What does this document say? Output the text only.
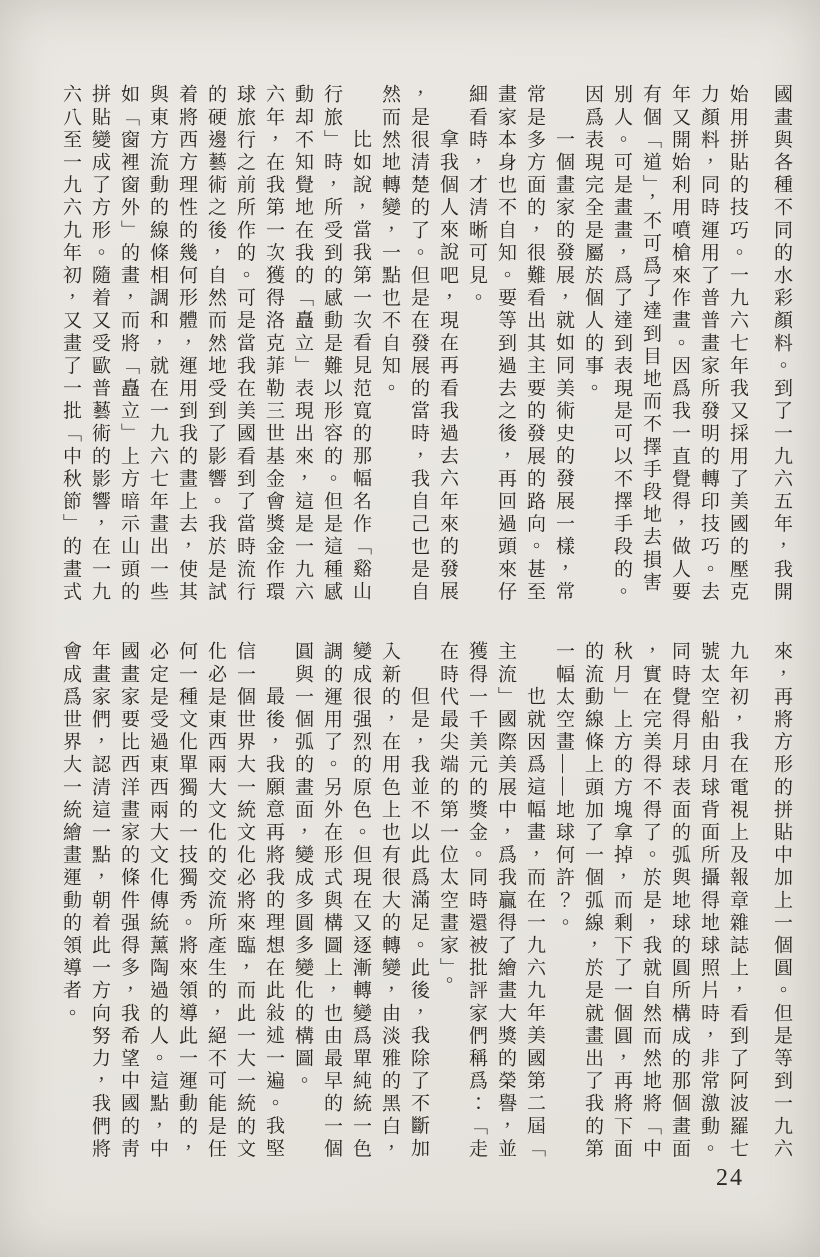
國畫與各種不同的水彩顏料。到了一九六五年，我開
始用拼貼的技巧。一九六七年我又採用了美國的壓克
力顏料，同時運用了普普畫家所發明的轉印技巧。去
年又開始利用噴槍來作畫。因爲我一直覺得，做人要
有個「道」，不可爲了達到目地而不擇手段地去損害
別人。可是畫畫，爲了達到表現是可以不擇手段的。
因爲表現完全是屬於個人的事。
一個畫家的發展，就如同美術史的發展一樣，常
常是多方面的，很難看出其主要的發展的路向。甚至
畫家本身也不自知。要等到過去之後，再回過頭來仔
細看時，才清晰可見。
拿我個人來說吧，現在再看我過去六年來的發展
，是很清楚的了。但是在發展的當時，我自己也是自
然而然地轉變，一點也不自知。
比如說，當我第一次看見范寬的那幅名作「谿山
行旅」時，所受到的感動是難以形容的。但是這種感
動却不知覺地在我的「矗立」表現出來，這是一九六
六年，在我第一次獲得洛克菲勒三世基金會獎金作環
球旅行之前所作的。可是當我在美國看到了當時流行
的硬邊藝術之後，自然而然地受到了影響。我於是試
着將西方理性的幾何形體，運用到我的畫上去，使其
與東方流動的線條相調和，就在一九六七年畫出一些
如「窗裡窗外」的畫，而將「矗立」上方暗示山頭的
拼貼變成了方形。隨着又受歐普藝術的影響，在一九
六八至一九六九年初，又畫了一批「中秋節」的畫式
來，再將方形的拼貼中加上一個圓。但是等到一九六
九年初，我在電視上及報章雜誌上，看到了阿波羅七
號太空船由月球背面所攝得地球照片時，非常激動。
同時覺得月球表面的弧與地球的圓所構成的那個畫面
，實在完美得不得了。於是，我就自然而然地將「中
秋月」上方的方塊拿掉，而剩下了一個圓，再將下面
的流動線條上頭加了一個弧線，於是就畫出了我的第
一幅太空畫——地球何許？。
也就因爲這幅畫，而在一九六九年美國第二屆「
主流」國際美展中，爲我贏得了繪畫大獎的榮譽，並
獲得一千美元的獎金。同時還被批評家們稱爲：「走
在時代最尖端的第一位太空畫家」。
但是，我並不以此爲滿足。此後，我除了不斷加
入新的，在用色上也有很大的轉變，由淡雅的黑白，
變成很强烈的原色。但現在又逐漸轉變爲單純統一色
調的運用了。另外在形式與構圖上，也由最早的一個
圓與一個弧的畫面，變成多圓多變化的構圖。
最後，我願意再將我的理想在此敍述一遍。我堅
信一個世界大一統文化必將來臨，而此一大一統的文
化必是東西兩大文化的交流所產生的，絕不可能是任
何一種文化單獨的一技獨秀。將來領導此一運動的，
必定是受過東西兩大文化傳統薰陶過的人。這點，中
國畫家要比西洋畫家的條件强得多，我希望中國的靑
年畫家們，認清這一點，朝着此一方向努力，我們將
會成爲世界大一統繪畫運動的領導者。
24
